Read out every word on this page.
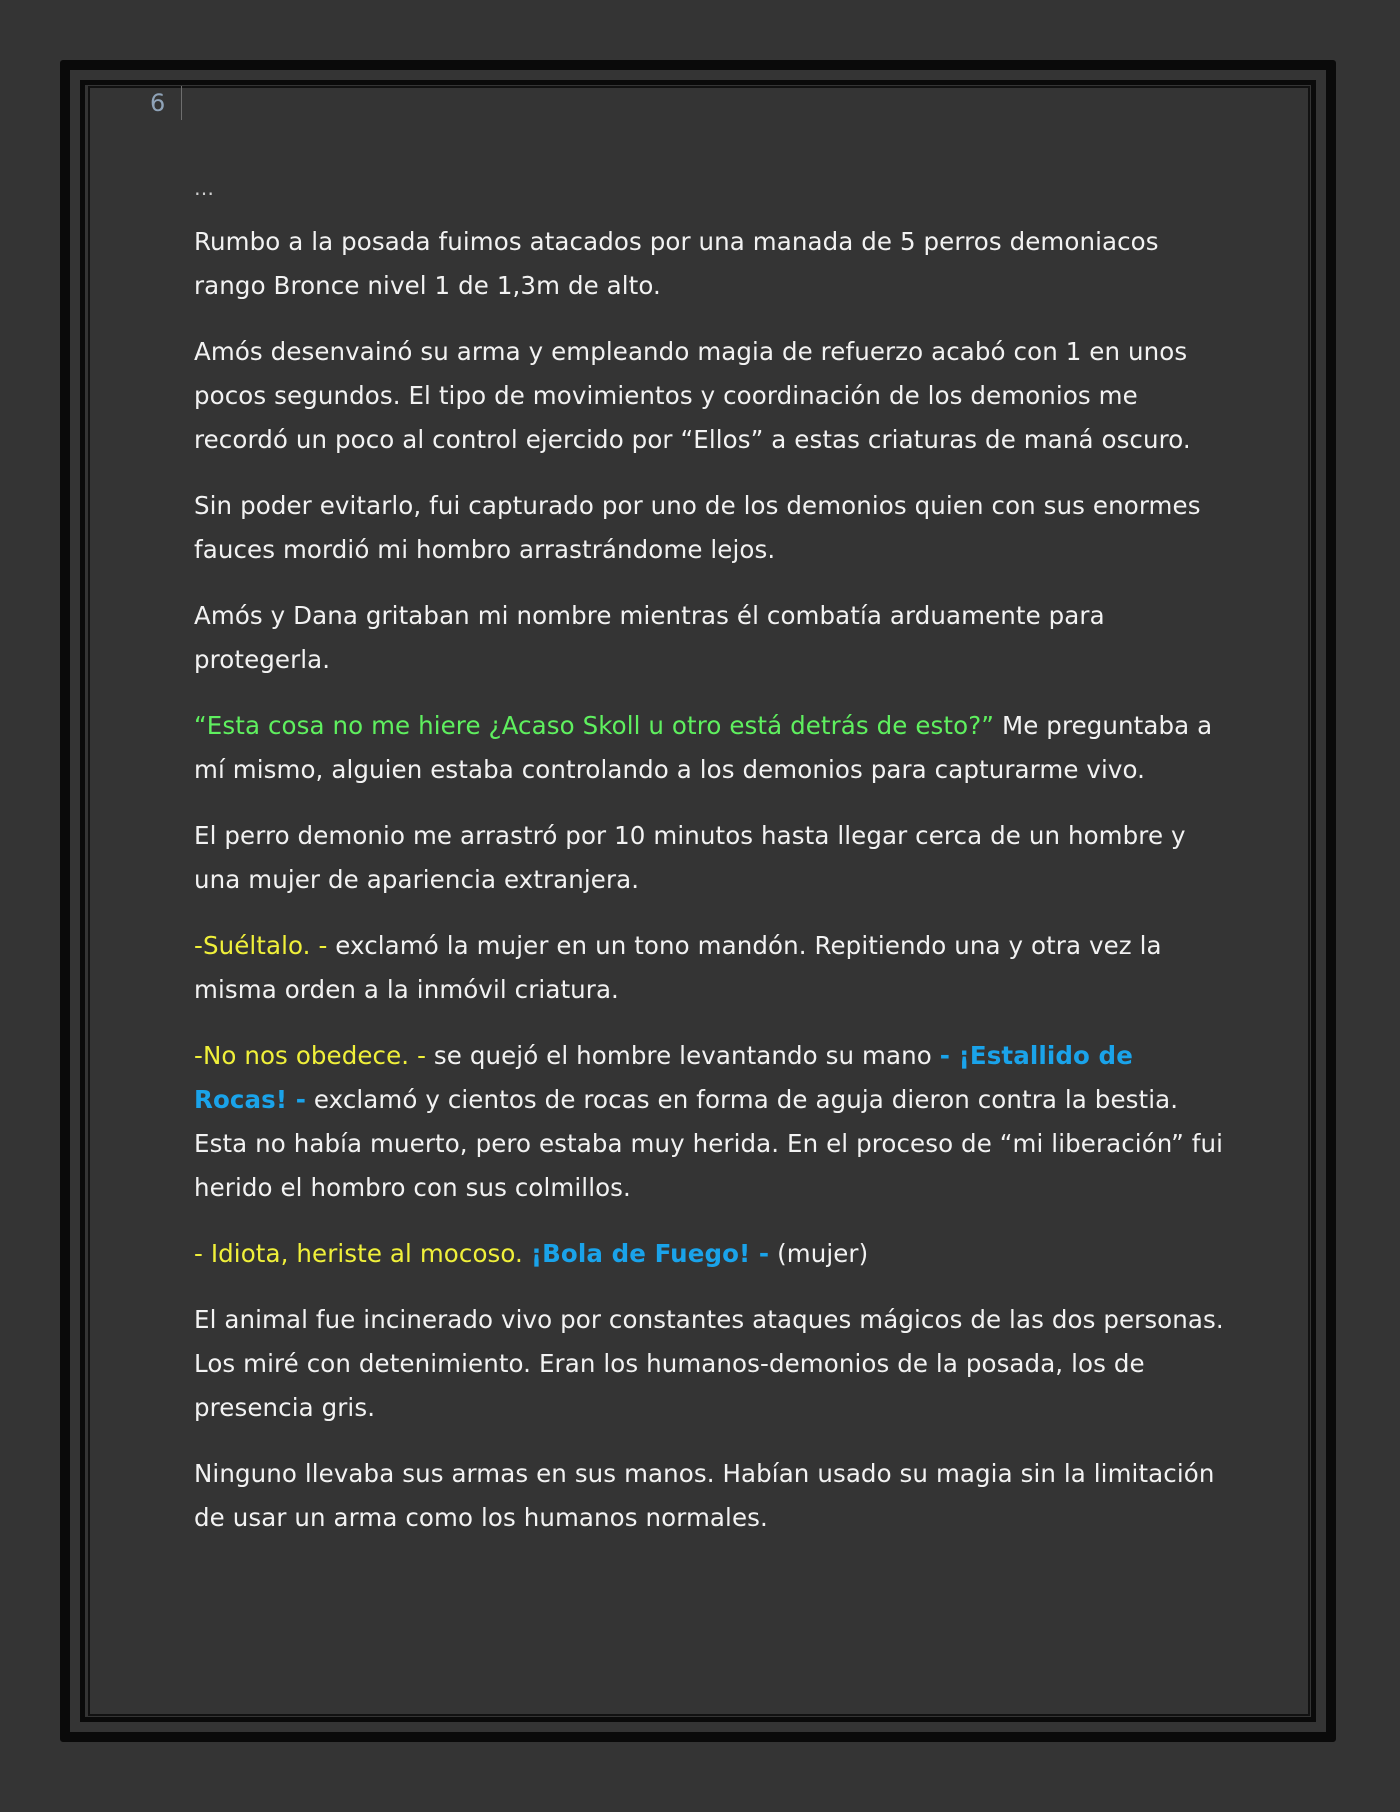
6

…

Rumbo a la posada fuimos atacados por una manada de 5 perros demoniacos rango Bronce nivel 1 de 1,3m de alto.

Amós desenvainó su arma y empleando magia de refuerzo acabó con 1 en unos pocos segundos. El tipo de movimientos y coordinación de los demonios me recordó un poco al control ejercido por “Ellos” a estas criaturas de maná oscuro.

Sin poder evitarlo, fui capturado por uno de los demonios quien con sus enormes fauces mordió mi hombro arrastrándome lejos.

Amós y Dana gritaban mi nombre mientras él combatía arduamente para protegerla.

“Esta cosa no me hiere ¿Acaso Skoll u otro está detrás de esto?” Me preguntaba a mí mismo, alguien estaba controlando a los demonios para capturarme vivo.

El perro demonio me arrastró por 10 minutos hasta llegar cerca de un hombre y una mujer de apariencia extranjera.

-Suéltalo. - exclamó la mujer en un tono mandón. Repitiendo una y otra vez la misma orden a la inmóvil criatura.

-No nos obedece. - se quejó el hombre levantando su mano - ¡Estallido de Rocas! - exclamó y cientos de rocas en forma de aguja dieron contra la bestia. Esta no había muerto, pero estaba muy herida. En el proceso de “mi liberación” fui herido el hombro con sus colmillos.

- Idiota, heriste al mocoso. ¡Bola de Fuego! - (mujer)

El animal fue incinerado vivo por constantes ataques mágicos de las dos personas. Los miré con detenimiento. Eran los humanos-demonios de la posada, los de presencia gris.

Ninguno llevaba sus armas en sus manos. Habían usado su magia sin la limitación de usar un arma como los humanos normales.
